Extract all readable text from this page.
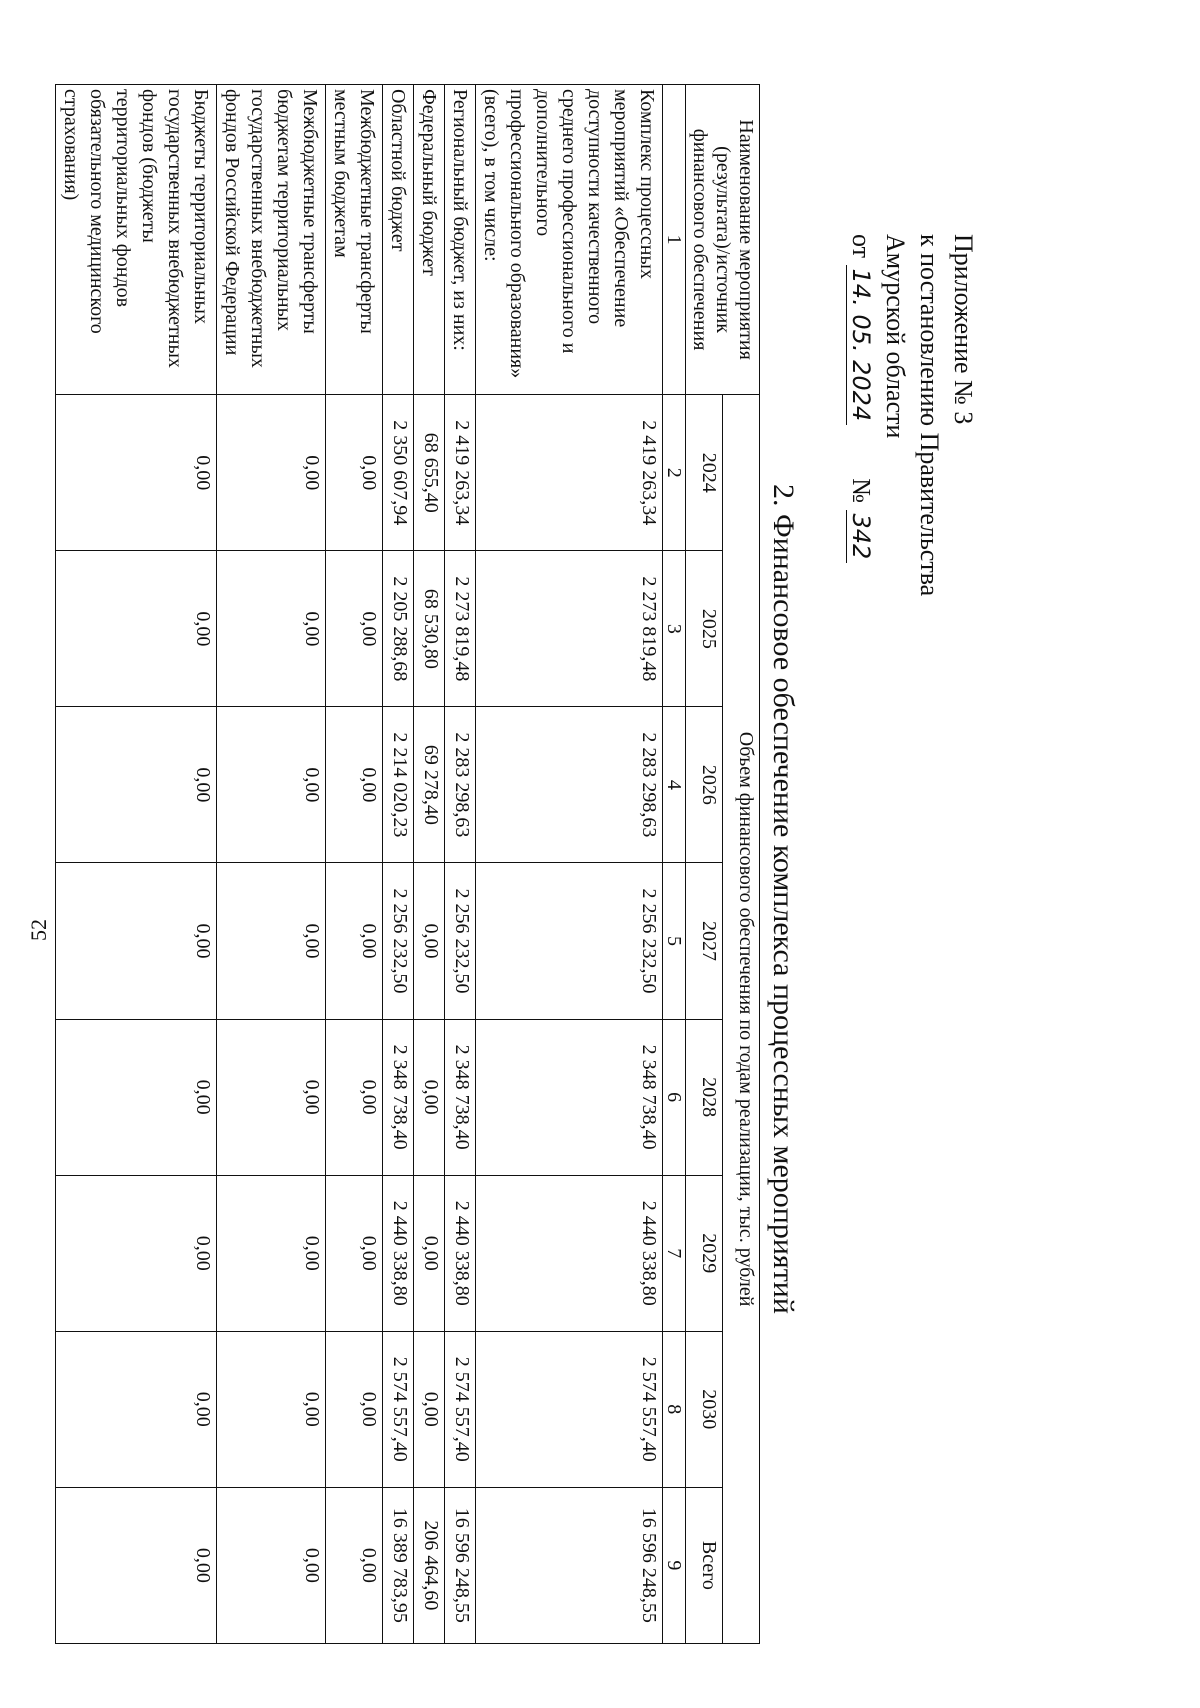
52
Приложение № 3
к постановлению Правительства
Амурской области
от 14. 05. 2024  № 342
2. Финансовое обеспечение комплекса процессных мероприятий
Наименование мероприятия (результата)/источник финансового обеспечения	Объем финансового обеспечения по годам реализации, тыс. рублей							
	2024	2025	2026	2027	2028	2029	2030	Всего
1	2	3	4	5	6	7	8	9
Комплекс процессных мероприятий «Обеспечение доступности качественного среднего профессионального и дополнительного профессионального образования» (всего), в том числе:	2 419 263,34	2 273 819,48	2 283 298,63	2 256 232,50	2 348 738,40	2 440 338,80	2 574 557,40	16 596 248,55
Региональный бюджет, из них:	2 419 263,34	2 273 819,48	2 283 298,63	2 256 232,50	2 348 738,40	2 440 338,80	2 574 557,40	16 596 248,55
Федеральный бюджет	68 655,40	68 530,80	69 278,40	0,00	0,00	0,00	0,00	206 464,60
Областной бюджет	2 350 607,94	2 205 288,68	2 214 020,23	2 256 232,50	2 348 738,40	2 440 338,80	2 574 557,40	16 389 783,95
Межбюджетные трансферты местным бюджетам	0,00	0,00	0,00	0,00	0,00	0,00	0,00	0,00
Межбюджетные трансферты бюджетам территориальных государственных внебюджетных фондов Российской Федерации	0,00	0,00	0,00	0,00	0,00	0,00	0,00	0,00
Бюджеты территориальных государственных внебюджетных фондов (бюджеты территориальных фондов обязательного медицинского страхования)	0,00	0,00	0,00	0,00	0,00	0,00	0,00	0,00
